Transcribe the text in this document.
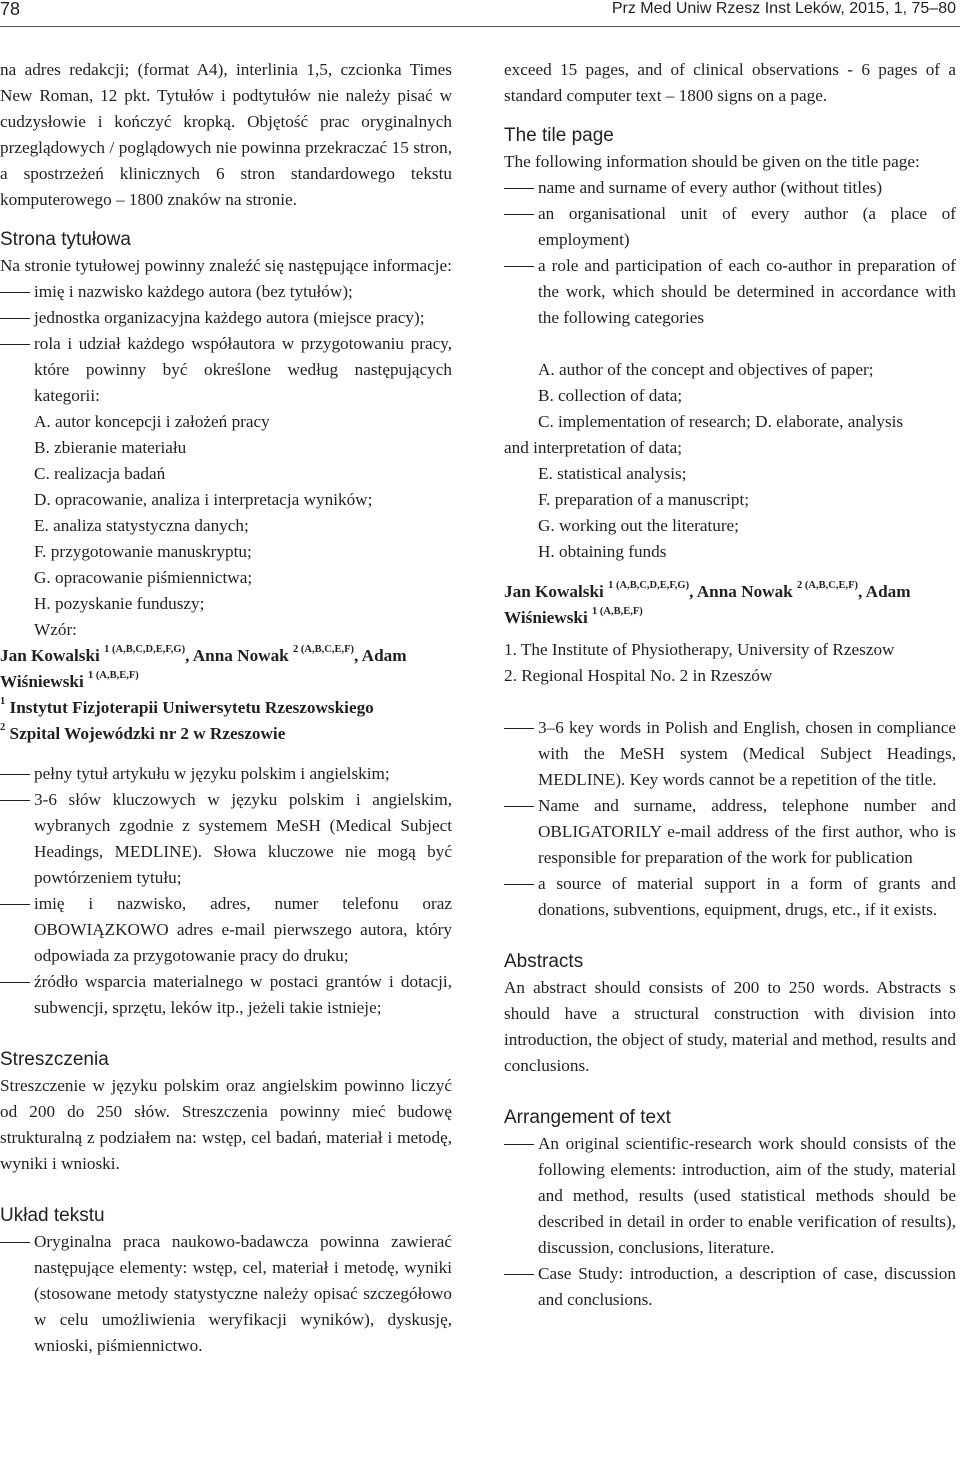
78	Prz Med Uniw Rzesz Inst Leków, 2015, 1, 75–80

na adres redakcji; (format A4), interlinia 1,5, czcionka Times New Roman, 12 pkt. Tytułów i podtytułów nie należy pisać w cudzysłowie i kończyć kropką. Objętość prac oryginalnych przeglądowych / poglądowych nie powinna przekraczać 15 stron, a spostrzeżeń klinicznych 6 stron standardowego tekstu komputerowego – 1800 znaków na stronie.

Strona tytułowa

Na stronie tytułowej powinny znaleźć się następujące informacje:

imię i nazwisko każdego autora (bez tytułów);

jednostka organizacyjna każdego autora (miejsce pracy);

rola i udział każdego współautora w przygotowaniu pracy, które powinny być określone według następujących kategorii:

A. autor koncepcji i założeń pracy

B. zbieranie materiału

C. realizacja badań

D. opracowanie, analiza i interpretacja wyników;

E. analiza statystyczna danych;

F. przygotowanie manuskryptu;

G. opracowanie piśmiennictwa;

H. pozyskanie funduszy;

Wzór:

Jan Kowalski $^{1 (A,B,C,D,E,F,G)}$, Anna Nowak $^{2 (A,B,C,E,F)}$, Adam

Wiśniewski $^{1 (A,B,E,F)}$

$^1$ Instytut Fizjoterapii Uniwersytetu Rzeszowskiego

$^2$ Szpital Wojewódzki nr 2 w Rzeszowie

pełny tytuł artykułu w języku polskim i angielskim;

3-6 słów kluczowych w języku polskim i angielskim, wybranych zgodnie z systemem MeSH (Medical Subject Headings, MEDLINE). Słowa kluczowe nie mogą być powtórzeniem tytułu;

imię i nazwisko, adres, numer telefonu oraz OBOWIĄZKOWO adres e-mail pierwszego autora, który odpowiada za przygotowanie pracy do druku;

źródło wsparcia materialnego w postaci grantów i dotacji, subwencji, sprzętu, leków itp., jeżeli takie istnieje;

Streszczenia

Streszczenie w języku polskim oraz angielskim powinno liczyć od 200 do 250 słów. Streszczenia powinny mieć budowę strukturalną z podziałem na: wstęp, cel badań, materiał i metodę, wyniki i wnioski.

Układ tekstu

Oryginalna praca naukowo-badawcza powinna zawierać następujące elementy: wstęp, cel, materiał i metodę, wyniki (stosowane metody statystyczne należy opisać szczegółowo w celu umożliwienia weryfikacji wyników), dyskusję, wnioski, piśmiennictwo.

exceed 15 pages, and of clinical observations - 6 pages of a standard computer text – 1800 signs on a page.

The tile page

The following information should be given on the title page:

name and surname of every author (without titles)

an organisational unit of every author (a place of employment)

a role and participation of each co-author in preparation of the work, which should be determined in accordance with the following categories

A. author of the concept and objectives of paper;

B. collection of data;

C. implementation of research; D. elaborate, analysis

and interpretation of data;

E. statistical analysis;

F. preparation of a manuscript;

G. working out the literature;

H. obtaining funds

Jan Kowalski $^{1 (A,B,C,D,E,F,G)}$, Anna Nowak $^{2 (A,B,C,E,F)}$, Adam

Wiśniewski $^{1 (A,B,E,F)}$

1. The Institute of Physiotherapy, University of Rzeszow

2. Regional Hospital No. 2 in Rzeszów

3–6 key words in Polish and English, chosen in compliance with the MeSH system (Medical Subject Headings, MEDLINE). Key words cannot be a repetition of the title.

Name and surname, address, telephone number and OBLIGATORILY e-mail address of the first author, who is responsible for preparation of the work for publication

a source of material support in a form of grants and donations, subventions, equipment, drugs, etc., if it exists.

Abstracts

An abstract should consists of 200 to 250 words. Abstracts s should have a structural construction with division into introduction, the object of study, material and method, results and conclusions.

Arrangement of text

An original scientific-research work should consists of the following elements: introduction, aim of the study, material and method, results (used statistical methods should be described in detail in order to enable verification of results), discussion, conclusions, literature.

Case Study: introduction, a description of case, discussion and conclusions.
